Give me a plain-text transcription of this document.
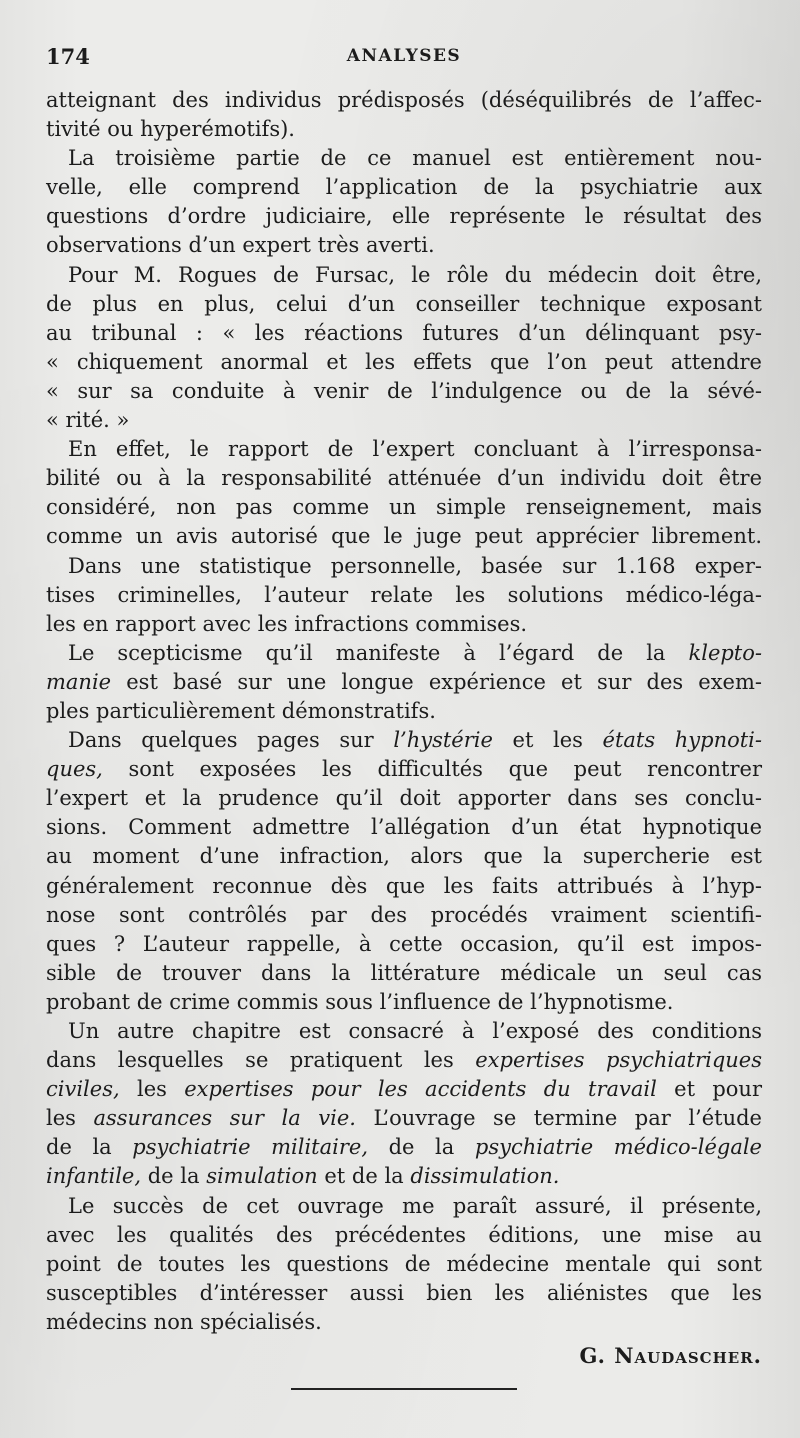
174	ANALYSES
atteignant des individus prédisposés (déséquilibrés de l’affec-
tivité ou hyperémotifs).
La troisième partie de ce manuel est entièrement nou-
velle, elle comprend l’application de la psychiatrie aux
questions d’ordre judiciaire, elle représente le résultat des
observations d’un expert très averti.
Pour M. Rogues de Fursac, le rôle du médecin doit être,
de plus en plus, celui d’un conseiller technique exposant
au tribunal : « les réactions futures d’un délinquant psy-
« chiquement anormal et les effets que l’on peut attendre
« sur sa conduite à venir de l’indulgence ou de la sévé-
« rité. »
En effet, le rapport de l’expert concluant à l’irresponsa-
bilité ou à la responsabilité atténuée d’un individu doit être
considéré, non pas comme un simple renseignement, mais
comme un avis autorisé que le juge peut apprécier librement.
Dans une statistique personnelle, basée sur 1.168 exper-
tises criminelles, l’auteur relate les solutions médico-léga-
les en rapport avec les infractions commises.
Le scepticisme qu’il manifeste à l’égard de la klepto-
manie est basé sur une longue expérience et sur des exem-
ples particulièrement démonstratifs.
Dans quelques pages sur l’hystérie et les états hypnoti-
ques, sont exposées les difficultés que peut rencontrer
l’expert et la prudence qu’il doit apporter dans ses conclu-
sions. Comment admettre l’allégation d’un état hypnotique
au moment d’une infraction, alors que la supercherie est
généralement reconnue dès que les faits attribués à l’hyp-
nose sont contrôlés par des procédés vraiment scientifi-
ques ? L’auteur rappelle, à cette occasion, qu’il est impos-
sible de trouver dans la littérature médicale un seul cas
probant de crime commis sous l’influence de l’hypnotisme.
Un autre chapitre est consacré à l’exposé des conditions
dans lesquelles se pratiquent les expertises psychiatriques
civiles, les expertises pour les accidents du travail et pour
les assurances sur la vie. L’ouvrage se termine par l’étude
de la psychiatrie militaire, de la psychiatrie médico-légale
infantile, de la simulation et de la dissimulation.
Le succès de cet ouvrage me paraît assuré, il présente,
avec les qualités des précédentes éditions, une mise au
point de toutes les questions de médecine mentale qui sont
susceptibles d’intéresser aussi bien les aliénistes que les
médecins non spécialisés.
G. Naudascher.
